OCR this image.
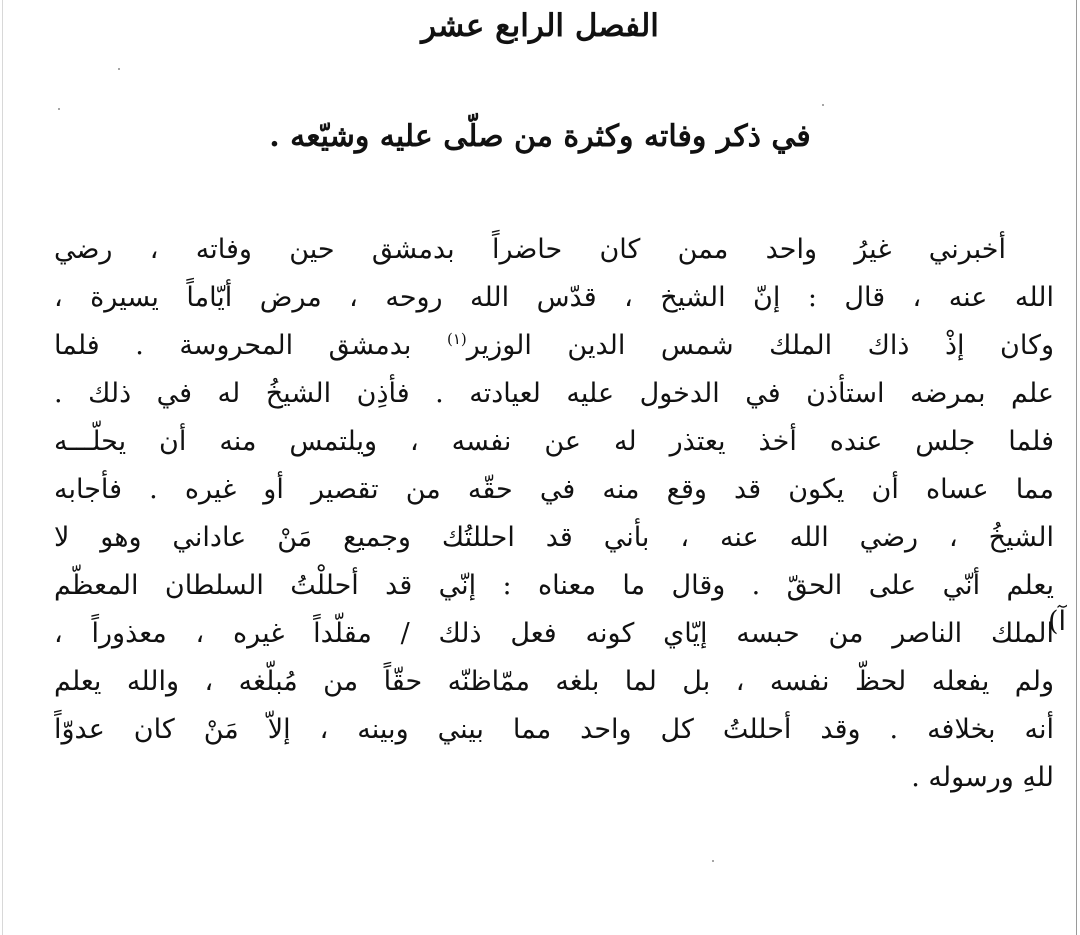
الفصل الرابع عشر
في ذكر وفاته وكثرة من صلّى عليه وشيّعه .
أخبرني غيرُ واحد ممن كان حاضراً بدمشق حين وفاته ، رضي
الله عنه ، قال : إنّ الشيخ ، قدّس الله روحه ، مرض أيّاماً يسيرة ،
وكان إذْ ذاك الملك شمس الدين الوزير$^{(١)}$ بدمشق المحروسة . فلما
علم بمرضه استأذن في الدخول عليه لعيادته . فأذِن الشيخُ له في ذلك .
فلما جلس عنده أخذ يعتذر له عن نفسه ، ويلتمس منه أن يحلّـــه
مما عساه أن يكون قد وقع منه في حقّه من تقصير أو غيره . فأجابه
الشيخُ ، رضي الله عنه ، بأني قد احللتُك وجميع مَنْ عاداني وهو لا
يعلم أنّي على الحقّ . وقال ما معناه : إنّي قد أحللْتُ السلطان المعظّم
الملك الناصر من حبسه إيّاي كونه فعل ذلك / مقلّداً غيره ، معذوراً ،
ولم يفعله لحظّ نفسه ، بل لما بلغه ممّاظنّه حقّاً من مُبلّغه ، والله يعلم
أنه بخلافه . وقد أحللتُ كل واحد مما بيني وبينه ، إلاّ مَنْ كان عدوّاً
للهِ ورسوله .
آ)
